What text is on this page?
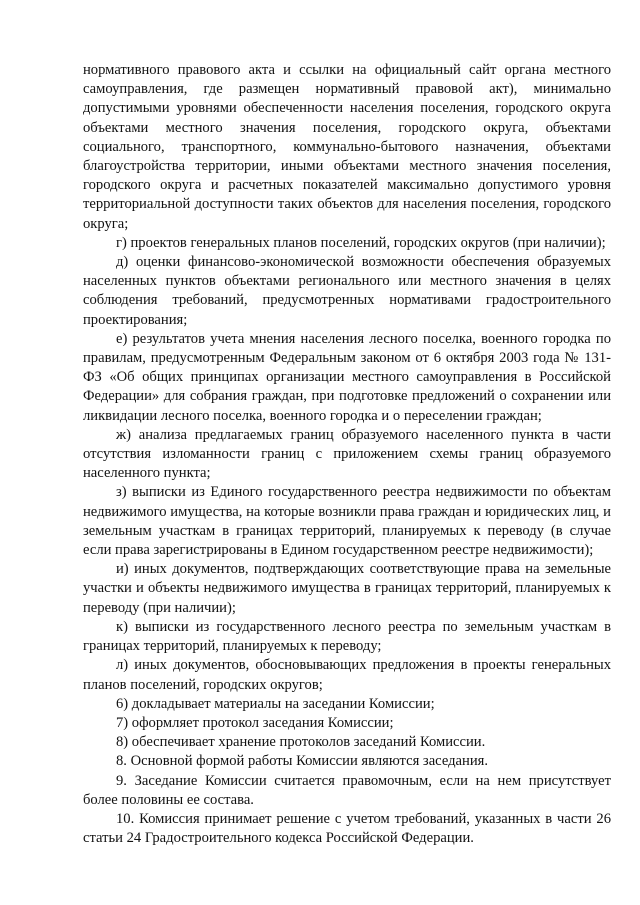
нормативного правового акта и ссылки на официальный сайт органа местного самоуправления, где размещен нормативный правовой акт), минимально допустимыми уровнями обеспеченности населения поселения, городского округа объектами местного значения поселения, городского округа, объектами социального, транспортного, коммунально-бытового назначения, объектами благоустройства территории, иными объектами местного значения поселения, городского округа и расчетных показателей максимально допустимого уровня территориальной доступности таких объектов для населения поселения, городского округа;

г) проектов генеральных планов поселений, городских округов (при наличии);

д) оценки финансово-экономической возможности обеспечения образуемых населенных пунктов объектами регионального или местного значения в целях соблюдения требований, предусмотренных нормативами градостроительного проектирования;

е) результатов учета мнения населения лесного поселка, военного городка по правилам, предусмотренным Федеральным законом от 6 октября 2003 года № 131-ФЗ «Об общих принципах организации местного самоуправления в Российской Федерации» для собрания граждан, при подготовке предложений о сохранении или ликвидации лесного поселка, военного городка и о переселении граждан;

ж) анализа предлагаемых границ образуемого населенного пункта в части отсутствия изломанности границ с приложением схемы границ образуемого населенного пункта;

з) выписки из Единого государственного реестра недвижимости по объектам недвижимого имущества, на которые возникли права граждан и юридических лиц, и земельным участкам в границах территорий, планируемых к переводу (в случае если права зарегистрированы в Едином государственном реестре недвижимости);

и) иных документов, подтверждающих соответствующие права на земельные участки и объекты недвижимого имущества в границах территорий, планируемых к переводу (при наличии);

к) выписки из государственного лесного реестра по земельным участкам в границах территорий, планируемых к переводу;

л) иных документов, обосновывающих предложения в проекты генеральных планов поселений, городских округов;

6) докладывает материалы на заседании Комиссии;

7) оформляет протокол заседания Комиссии;

8) обеспечивает хранение протоколов заседаний Комиссии.

8. Основной формой работы Комиссии являются заседания.

9. Заседание Комиссии считается правомочным, если на нем присутствует более половины ее состава.

10. Комиссия принимает решение с учетом требований, указанных в части 26 статьи 24 Градостроительного кодекса Российской Федерации.
